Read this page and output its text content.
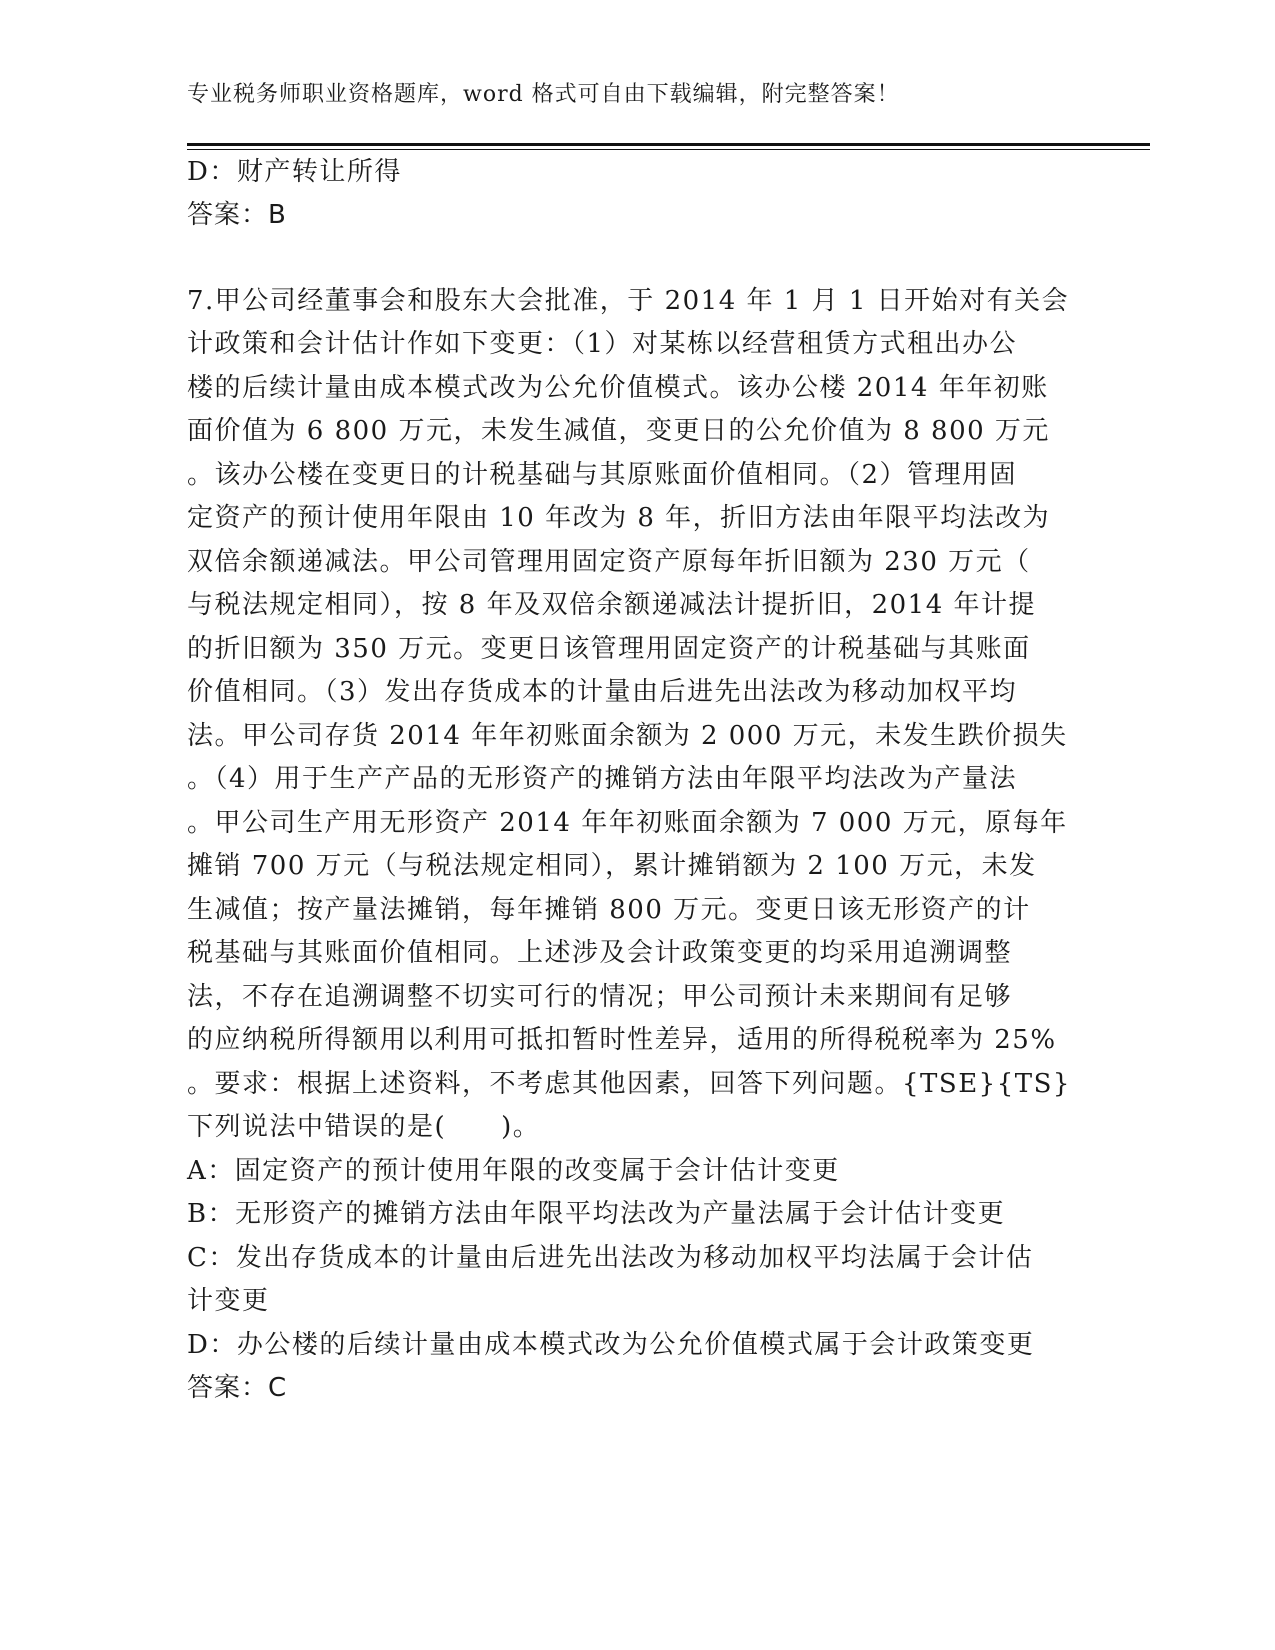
专业税务师职业资格题库，word 格式可自由下载编辑，附完整答案！
D：财产转让所得
答案：B
7.甲公司经董事会和股东大会批准，于 2014 年 1 月 1 日开始对有关会
计政策和会计估计作如下变更：（1）对某栋以经营租赁方式租出办公
楼的后续计量由成本模式改为公允价值模式。该办公楼 2014 年年初账
面价值为 6 800 万元，未发生减值，变更日的公允价值为 8 800 万元
。该办公楼在变更日的计税基础与其原账面价值相同。（2）管理用固
定资产的预计使用年限由 10 年改为 8 年，折旧方法由年限平均法改为
双倍余额递减法。甲公司管理用固定资产原每年折旧额为 230 万元（
与税法规定相同），按 8 年及双倍余额递减法计提折旧，2014 年计提
的折旧额为 350 万元。变更日该管理用固定资产的计税基础与其账面
价值相同。（3）发出存货成本的计量由后进先出法改为移动加权平均
法。甲公司存货 2014 年年初账面余额为 2 000 万元，未发生跌价损失
。（4）用于生产产品的无形资产的摊销方法由年限平均法改为产量法
。甲公司生产用无形资产 2014 年年初账面余额为 7 000 万元，原每年
摊销 700 万元（与税法规定相同），累计摊销额为 2 100 万元，未发
生减值；按产量法摊销，每年摊销 800 万元。变更日该无形资产的计
税基础与其账面价值相同。上述涉及会计政策变更的均采用追溯调整
法，不存在追溯调整不切实可行的情况；甲公司预计未来期间有足够
的应纳税所得额用以利用可抵扣暂时性差异，适用的所得税税率为 25%
。要求：根据上述资料，不考虑其他因素，回答下列问题。{TSE}{TS}
下列说法中错误的是(　　)。
A：固定资产的预计使用年限的改变属于会计估计变更
B：无形资产的摊销方法由年限平均法改为产量法属于会计估计变更
C：发出存货成本的计量由后进先出法改为移动加权平均法属于会计估
计变更
D：办公楼的后续计量由成本模式改为公允价值模式属于会计政策变更
答案：C
